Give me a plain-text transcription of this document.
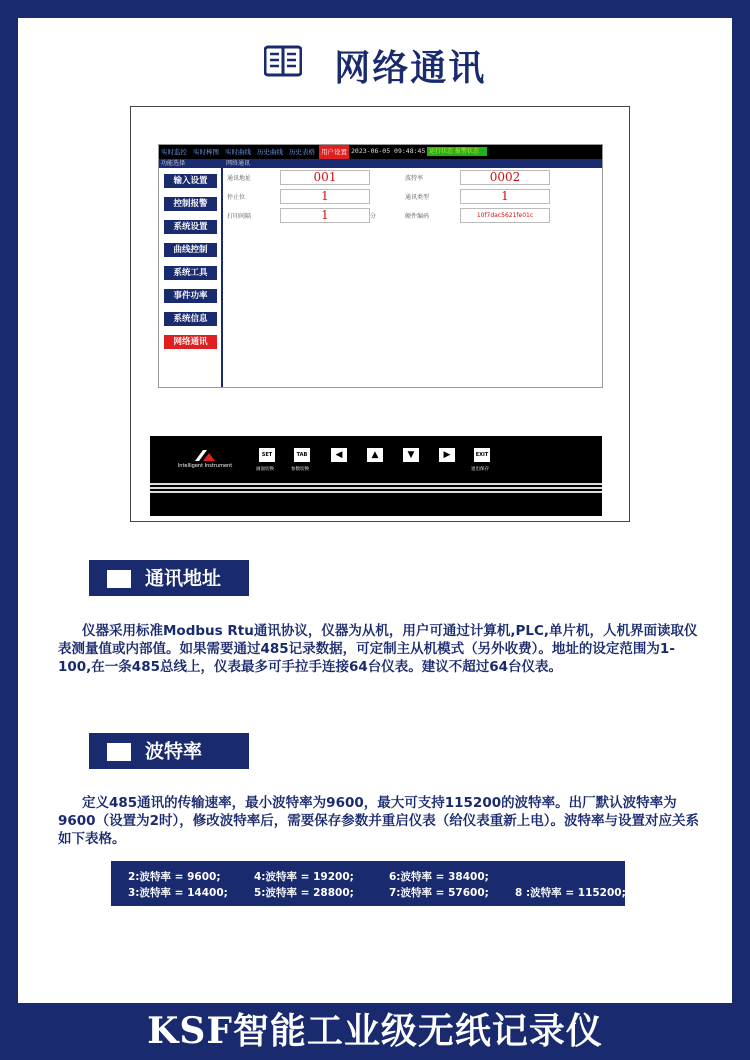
网络通讯
实时监控 实时棒图 实时曲线 历史曲线 历史表格 用户设置 2023-06-05 09:48:45 运行状态 报警状态
功能选择	网络通讯
输入设置
控制报警
系统设置
曲线控制
系统工具
事件功率
系统信息
网络通讯
通讯地址	001	波特率	0002
停止位	1	通讯类型	1
打印间隔	1	分	硬件编码	10f7dac5621fe01c
Intelligent Instrument
SET
画面切换
TAB
参数切换
◀	▲	▼	▶	EXIT
退出保存
通讯地址
仪器采用标准Modbus Rtu通讯协议，仪器为从机，用户可通过计算机,PLC,单片机，人机界面读取仪表测量值或内部值。如果需要通过485记录数据，可定制主从机模式（另外收费）。地址的设定范围为1-100,在一条485总线上，仪表最多可手拉手连接64台仪表。建议不超过64台仪表。
波特率
定义485通讯的传输速率，最小波特率为9600，最大可支持115200的波特率。出厂默认波特率为9600（设置为2时），修改波特率后，需要保存参数并重启仪表（给仪表重新上电）。波特率与设置对应关系如下表格。
2:波特率 = 9600;	4:波特率 = 19200;	6:波特率 = 38400;
3:波特率 = 14400; 5:波特率 = 28800;	7:波特率 = 57600; 8 :波特率 = 115200;
KSF智能工业级无纸记录仪
